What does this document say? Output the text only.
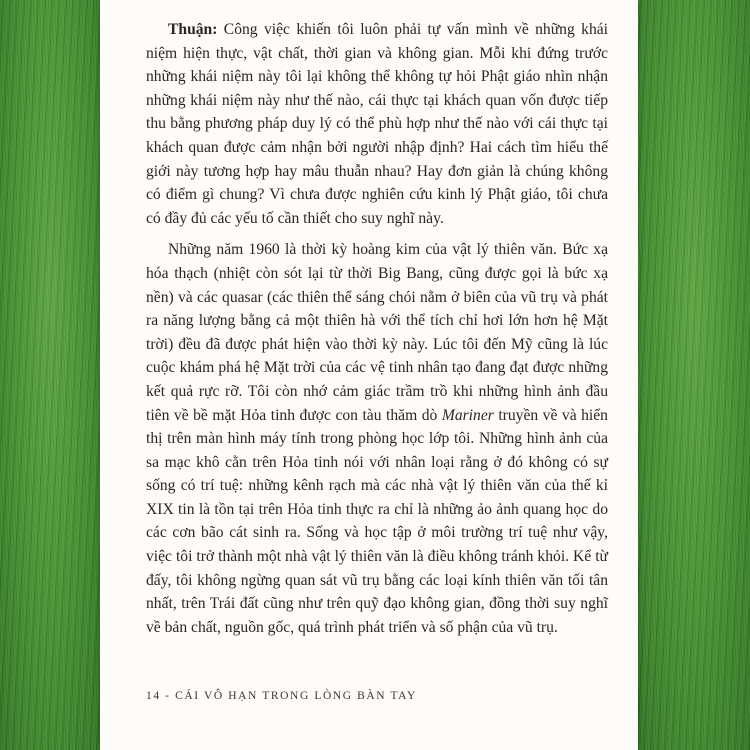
Thuận: Công việc khiến tôi luôn phải tự vấn mình về những khái niệm hiện thực, vật chất, thời gian và không gian. Mỗi khi đứng trước những khái niệm này tôi lại không thể không tự hỏi Phật giáo nhìn nhận những khái niệm này như thế nào, cái thực tại khách quan vốn được tiếp thu bằng phương pháp duy lý có thể phù hợp như thế nào với cái thực tại khách quan được cảm nhận bởi người nhập định? Hai cách tìm hiểu thế giới này tương hợp hay mâu thuẫn nhau? Hay đơn giản là chúng không có điểm gì chung? Vì chưa được nghiên cứu kinh lý Phật giáo, tôi chưa có đầy đủ các yếu tố cần thiết cho suy nghĩ này.

Những năm 1960 là thời kỳ hoàng kim của vật lý thiên văn. Bức xạ hóa thạch (nhiệt còn sót lại từ thời Big Bang, cũng được gọi là bức xạ nền) và các quasar (các thiên thể sáng chói nằm ở biên của vũ trụ và phát ra năng lượng bằng cả một thiên hà với thể tích chỉ hơi lớn hơn hệ Mặt trời) đều đã được phát hiện vào thời kỳ này. Lúc tôi đến Mỹ cũng là lúc cuộc khám phá hệ Mặt trời của các vệ tinh nhân tạo đang đạt được những kết quả rực rỡ. Tôi còn nhớ cảm giác trầm trồ khi những hình ảnh đầu tiên về bề mặt Hỏa tinh được con tàu thăm dò Mariner truyền về và hiển thị trên màn hình máy tính trong phòng học lớp tôi. Những hình ảnh của sa mạc khô cằn trên Hỏa tinh nói với nhân loại rằng ở đó không có sự sống có trí tuệ: những kênh rạch mà các nhà vật lý thiên văn của thế kỉ XIX tin là tồn tại trên Hỏa tinh thực ra chỉ là những ảo ảnh quang học do các cơn bão cát sinh ra. Sống và học tập ở môi trường trí tuệ như vậy, việc tôi trở thành một nhà vật lý thiên văn là điều không tránh khỏi. Kể từ đấy, tôi không ngừng quan sát vũ trụ bằng các loại kính thiên văn tối tân nhất, trên Trái đất cũng như trên quỹ đạo không gian, đồng thời suy nghĩ về bản chất, nguồn gốc, quá trình phát triển và số phận của vũ trụ.

14 - CÁI VÔ HẠN TRONG LÒNG BÀN TAY
